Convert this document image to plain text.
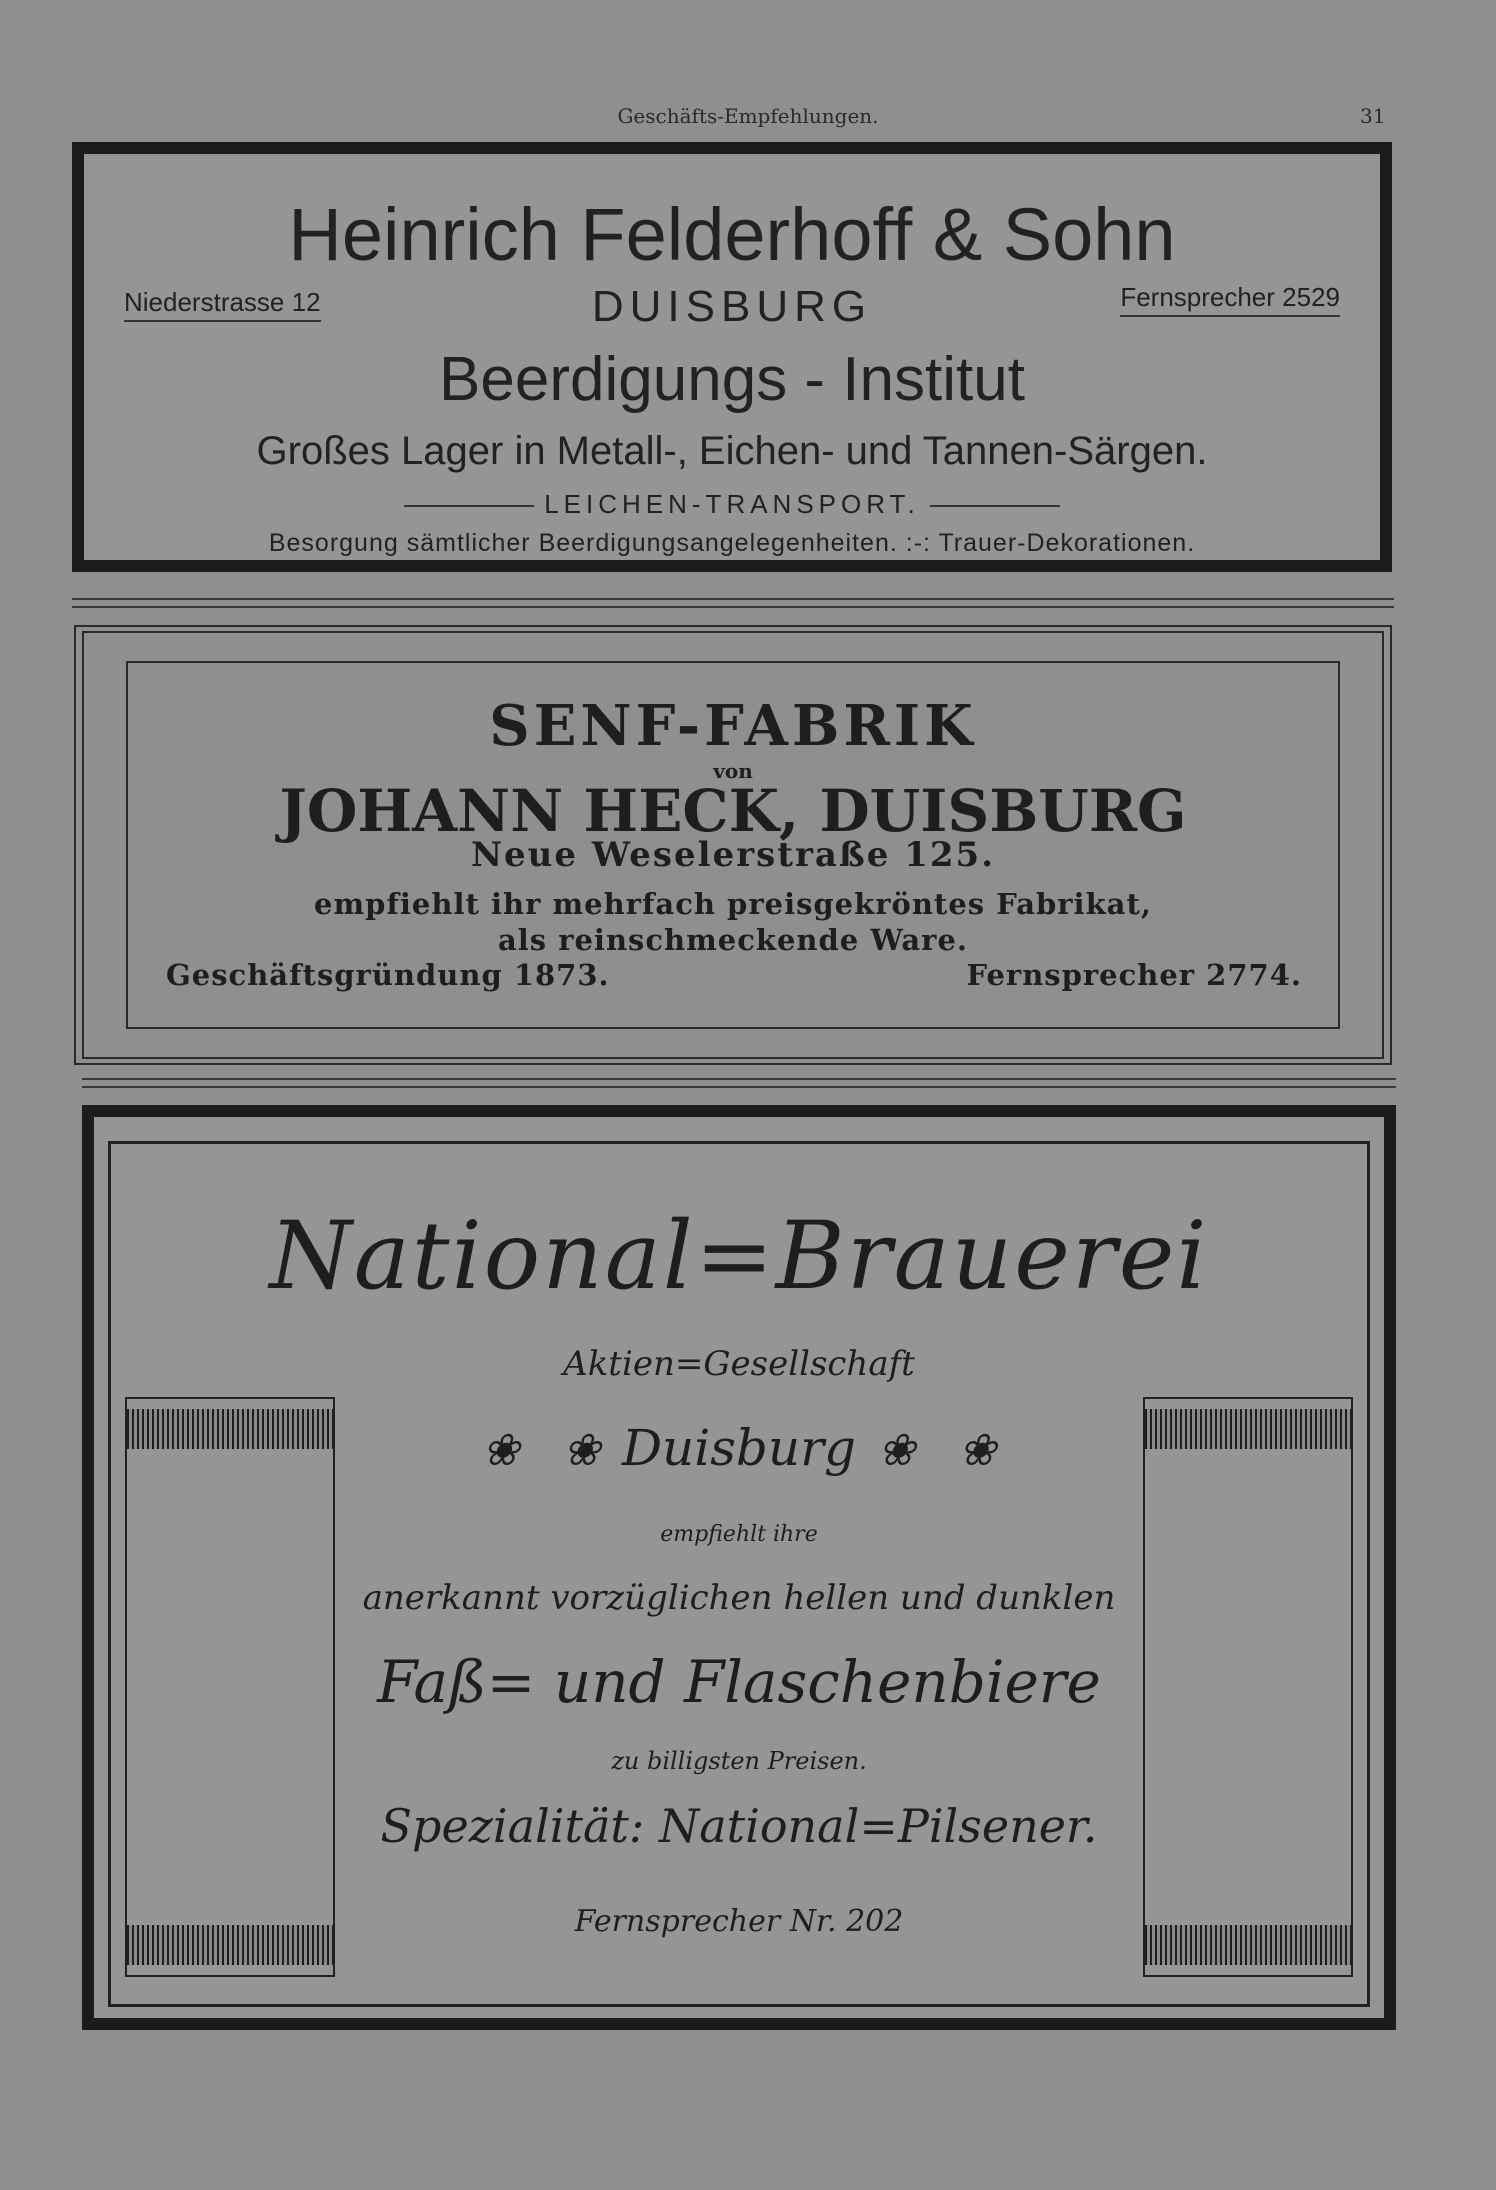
Geschäfts-Empfehlungen.	31
Heinrich Felderhoff & Sohn
Niederstrasse 12	DUISBURG	Fernsprecher 2529
Beerdigungs - Institut
Großes Lager in Metall-, Eichen- und Tannen-Särgen.
LEICHEN-TRANSPORT.
Besorgung sämtlicher Beerdigungsangelegenheiten. :-: Trauer-Dekorationen.
SENF-FABRIK
von
JOHANN HECK, DUISBURG
Neue Weselerstraße 125.
empfiehlt ihr mehrfach preisgekröntes Fabrikat,
als reinschmeckende Ware.
Geschäftsgründung 1873.	Fernsprecher 2774.
National=Brauerei
Aktien=Gesellschaft
❀ ❀ Duisburg ❀ ❀
empfiehlt ihre
anerkannt vorzüglichen hellen und dunklen
Faß= und Flaschenbiere
zu billigsten Preisen.
Spezialität: National=Pilsener.
Fernsprecher Nr. 202
